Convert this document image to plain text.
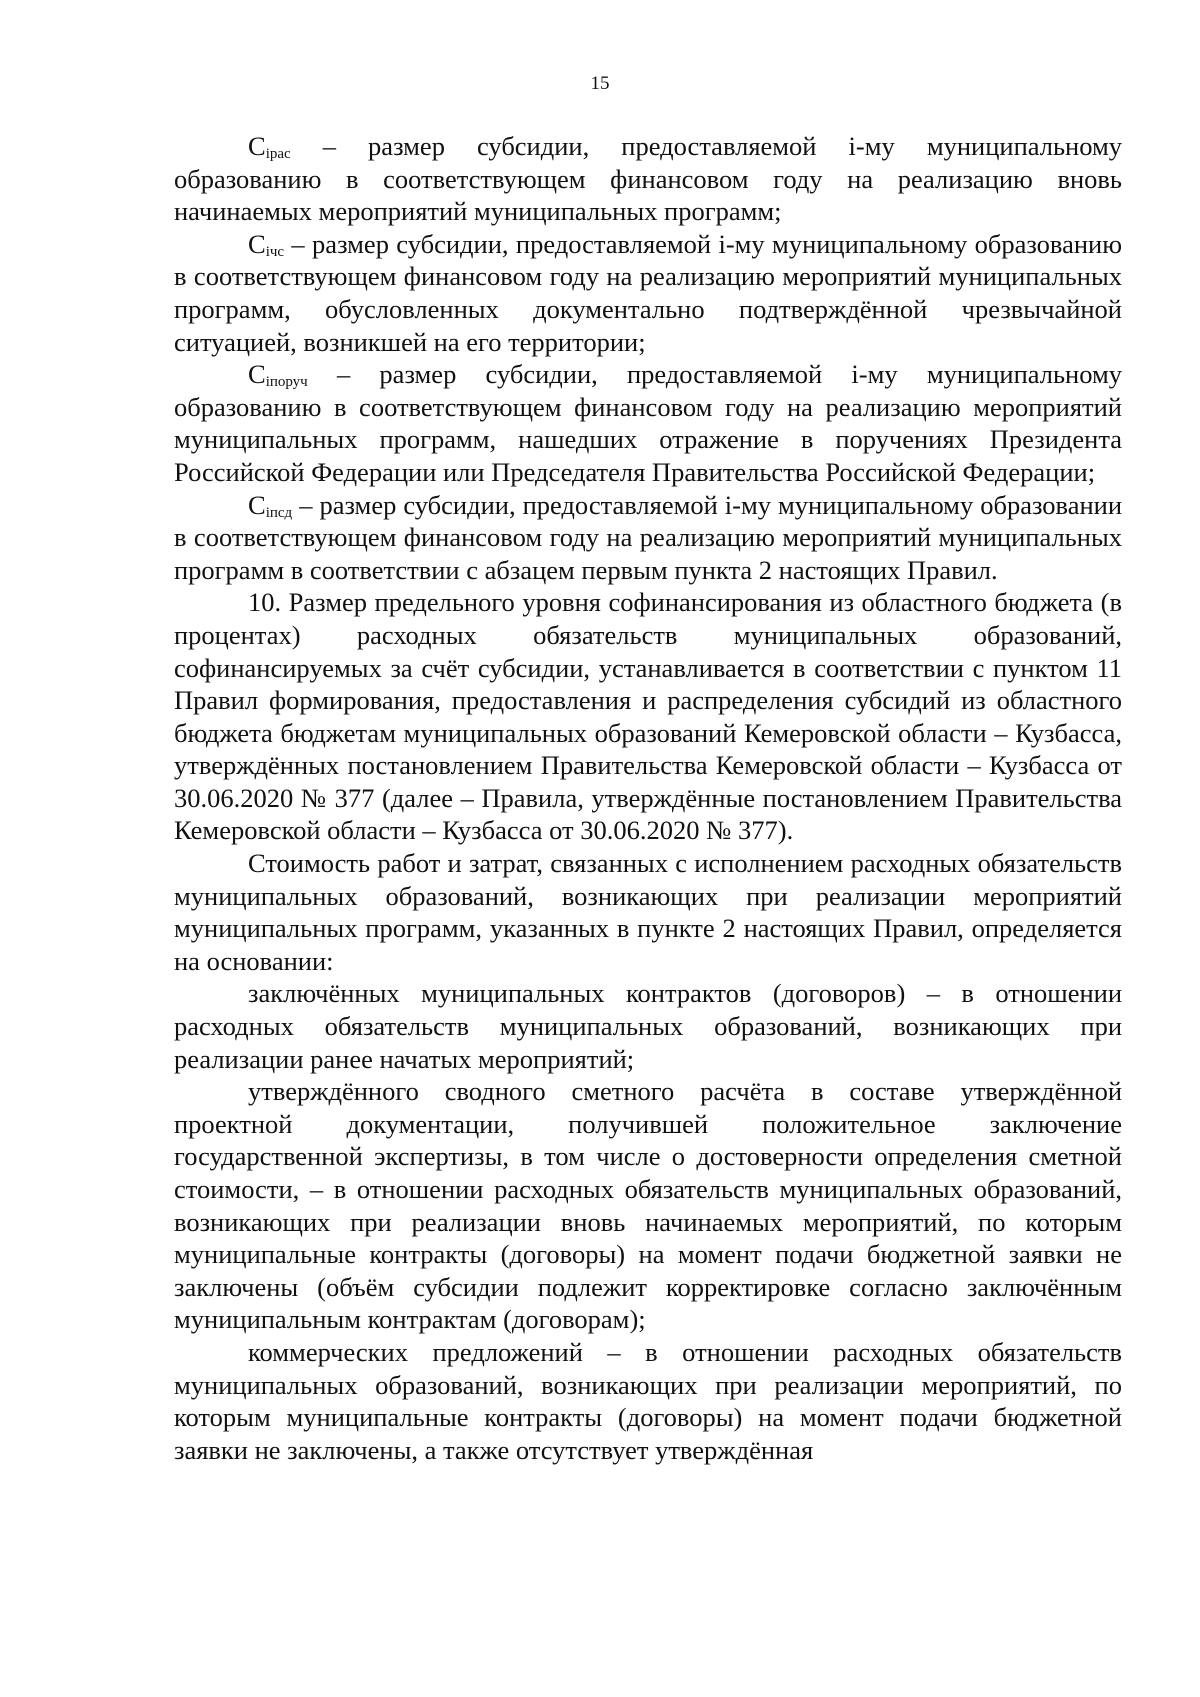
15

$С_{iрас}$ – размер субсидии, предоставляемой i-му муниципальному образованию в соответствующем финансовом году на реализацию вновь начинаемых мероприятий муниципальных программ;

$С_{iчс}$ – размер субсидии, предоставляемой i-му муниципальному образованию в соответствующем финансовом году на реализацию мероприятий муниципальных программ, обусловленных документально подтверждённой чрезвычайной ситуацией, возникшей на его территории;

$С_{iпоруч}$ – размер субсидии, предоставляемой i-му муниципальному образованию в соответствующем финансовом году на реализацию мероприятий муниципальных программ, нашедших отражение в поручениях Президента Российской Федерации или Председателя Правительства Российской Федерации;

$С_{iпсд}$ – размер субсидии, предоставляемой i-му муниципальному образовании в соответствующем финансовом году на реализацию мероприятий муниципальных программ в соответствии с абзацем первым пункта 2 настоящих Правил.

10. Размер предельного уровня софинансирования из областного бюджета (в процентах) расходных обязательств муниципальных образований, софинансируемых за счёт субсидии, устанавливается в соответствии с пунктом 11 Правил формирования, предоставления и распределения субсидий из областного бюджета бюджетам муниципальных образований Кемеровской области – Кузбасса, утверждённых постановлением Правительства Кемеровской области – Кузбасса от 30.06.2020 № 377 (далее – Правила, утверждённые постановлением Правительства Кемеровской области – Кузбасса от 30.06.2020 № 377).

Стоимость работ и затрат, связанных с исполнением расходных обязательств муниципальных образований, возникающих при реализации мероприятий муниципальных программ, указанных в пункте 2 настоящих Правил, определяется на основании:

заключённых муниципальных контрактов (договоров) – в отношении расходных обязательств муниципальных образований, возникающих при реализации ранее начатых мероприятий;

утверждённого сводного сметного расчёта в составе утверждённой проектной документации, получившей положительное заключение государственной экспертизы, в том числе о достоверности определения сметной стоимости, – в отношении расходных обязательств муниципальных образований, возникающих при реализации вновь начинаемых мероприятий, по которым муниципальные контракты (договоры) на момент подачи бюджетной заявки не заключены (объём субсидии подлежит корректировке согласно заключённым муниципальным контрактам (договорам);

коммерческих предложений – в отношении расходных обязательств муниципальных образований, возникающих при реализации мероприятий, по которым муниципальные контракты (договоры) на момент подачи бюджетной заявки не заключены, а также отсутствует утверждённая
